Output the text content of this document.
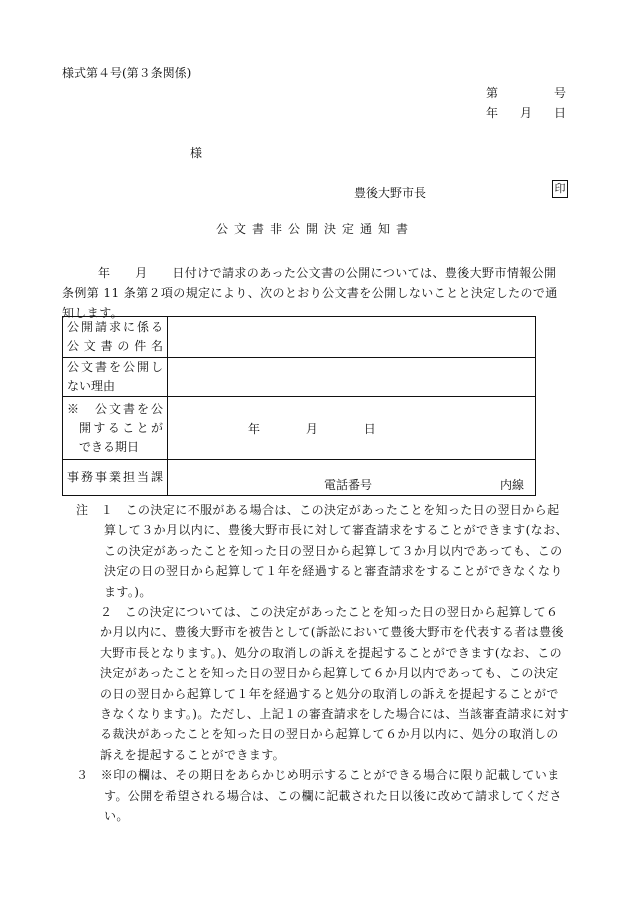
様式第４号(第３条関係)
第	号
年 月 日
様
豊後大野市長	印
公文書非公開決定通知書
年　　月　　日付けで請求のあった公文書の公開については、豊後大野市情報公開条例第 11 条第２項の規定により、次のとおり公文書を公開しないことと決定したので通知します。
公開請求に係る
公文書の件名	

公文書を公開し
ない理由	

※　公文書を公
開することが
できる期日	年 月 日

事務事業担当課	電話番号 内線

注　１　この決定に不服がある場合は、この決定があったことを知った日の翌日から起算して３か月以内に、豊後大野市長に対して審査請求をすることができます(なお、この決定があったことを知った日の翌日から起算して３か月以内であっても、この決定の日の翌日から起算して１年を経過すると審査請求をすることができなくなります。)。

２　この決定については、この決定があったことを知った日の翌日から起算して６か月以内に、豊後大野市を被告として(訴訟において豊後大野市を代表する者は豊後大野市長となります。)、処分の取消しの訴えを提起することができます(なお、この決定があったことを知った日の翌日から起算して６か月以内であっても、この決定の日の翌日から起算して１年を経過すると処分の取消しの訴えを提起することができなくなります。)。ただし、上記１の審査請求をした場合には、当該審査請求に対する裁決があったことを知った日の翌日から起算して６か月以内に、処分の取消しの訴えを提起することができます。

３　※印の欄は、その期日をあらかじめ明示することができる場合に限り記載しています。公開を希望される場合は、この欄に記載された日以後に改めて請求してください。
